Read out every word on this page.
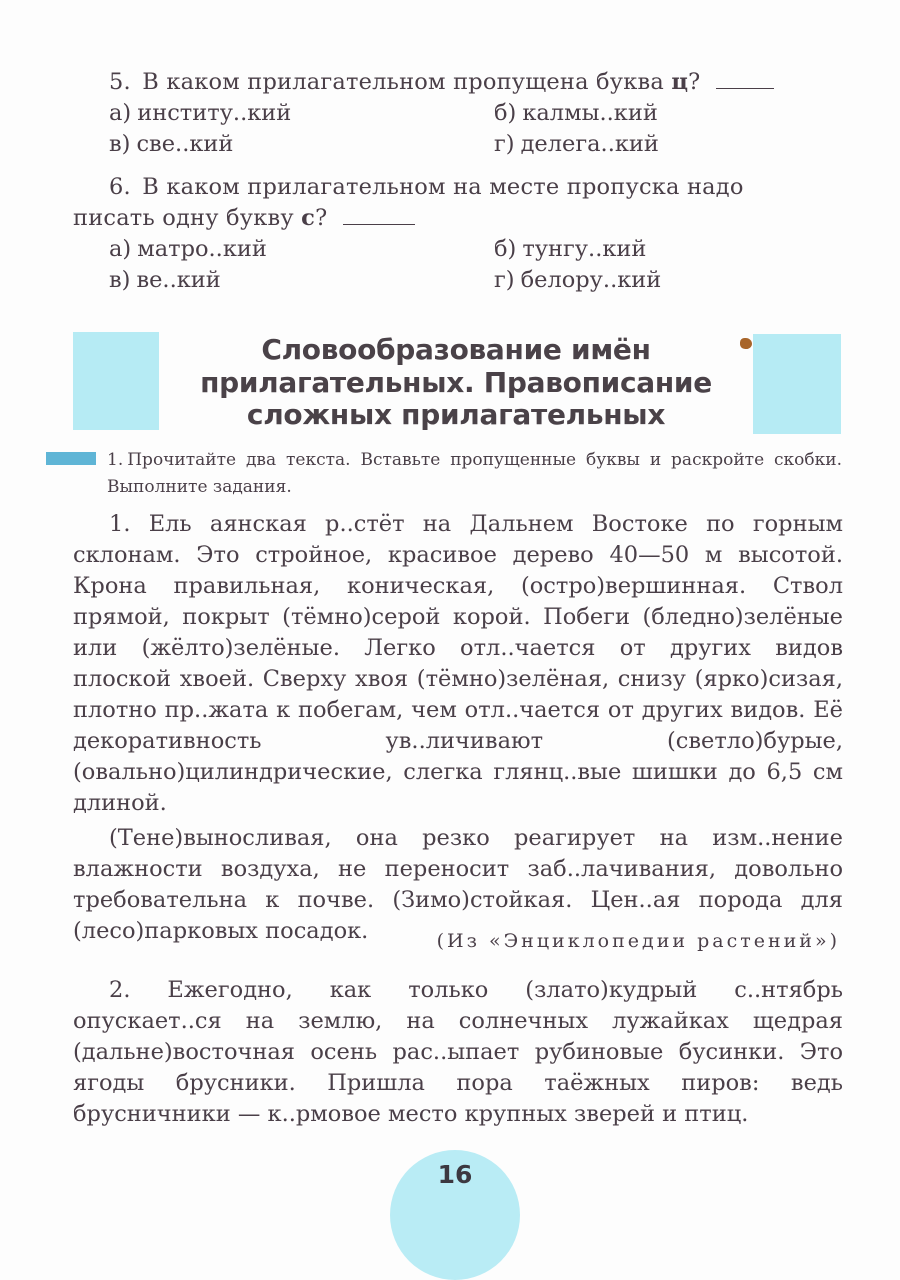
5. В каком прилагательном пропущена буква ц?
а) институ..кий	б) калмы..кий
в) све..кий	г) делега..кий
6. В каком прилагательном на месте пропуска надо
писать одну букву с?
а) матро..кий	б) тунгу..кий
в) ве..кий	г) белору..кий
Словообразование имён
прилагательных. Правописание
сложных прилагательных
1. Прочитайте два текста. Вставьте пропущенные буквы и раскройте скобки. Выполните задания.

1. Ель аянская р..стёт на Дальнем Востоке по горным склонам. Это стройное, красивое дерево 40—50 м высотой. Крона правильная, коническая, (остро)вершинная. Ствол прямой, покрыт (тёмно)серой корой. Побеги (бледно)зелёные или (жёлто)зелёные. Легко отл..чается от других видов плоской хвоей. Сверху хвоя (тёмно)зелёная, снизу (ярко)сизая, плотно пр..жата к побегам, чем отл..чается от других видов. Её декоративность ув..личивают (светло)бурые, (овально)цилиндрические, слегка глянц..вые шишки до 6,5 см длиной.

(Тене)выносливая, она резко реагирует на изм..нение влажности воздуха, не переносит заб..лачивания, довольно требовательна к почве. (Зимо)стойкая. Цен..ая порода для (лесо)парковых посадок.	(Из «Энциклопедии растений»)

2. Ежегодно, как только (злато)кудрый с..нтябрь опускает..ся на землю, на солнечных лужайках щедрая (дальне)восточная осень рас..ыпает рубиновые бусинки. Это ягоды брусники. Пришла пора таёжных пиров: ведь брусничники — к..рмовое место крупных зверей и птиц.

16
